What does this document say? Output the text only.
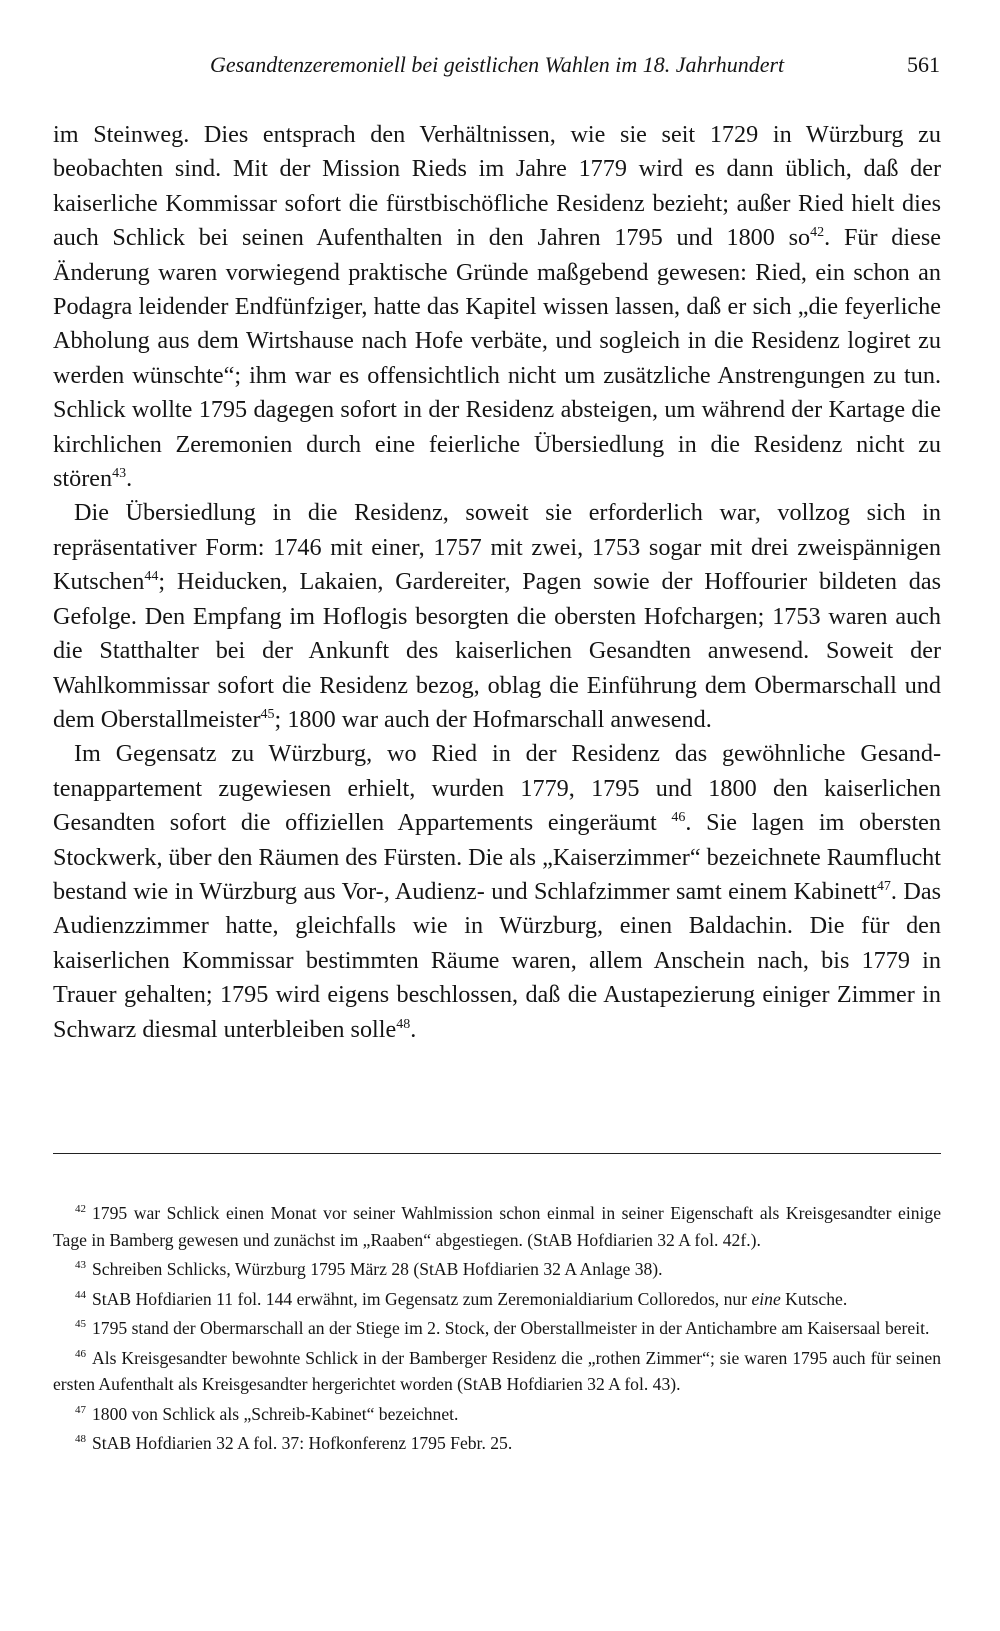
Gesandtenzeremoniell bei geistlichen Wahlen im 18. Jahrhundert	561

im Steinweg. Dies entsprach den Verhältnissen, wie sie seit 1729 in Würzburg zu beobachten sind. Mit der Mission Rieds im Jahre 1779 wird es dann üblich, daß der kaiserliche Kommissar sofort die fürstbischöfliche Residenz bezieht; außer Ried hielt dies auch Schlick bei seinen Aufenthalten in den Jahren 1795 und 1800 $so^{42}$. Für diese Änderung waren vorwiegend praktische Gründe maßgebend gewesen: Ried, ein schon an Podagra leidender Endfünfziger, hatte das Kapitel wissen lassen, daß er sich „die feyerliche Abholung aus dem Wirtshause nach Hofe verbäte, und sogleich in die Residenz logiret zu werden wünschte“; ihm war es offensichtlich nicht um zusätzliche Anstrengungen zu tun. Schlick wollte 1795 dagegen sofort in der Residenz absteigen, um während der Kartage die kirchlichen Zeremonien durch eine feierliche Übersiedlung in die Residenz nicht zu stören$^{43}$.

Die Übersiedlung in die Residenz, soweit sie erforderlich war, vollzog sich in repräsentativer Form: 1746 mit einer, 1757 mit zwei, 1753 sogar mit drei zweispännigen Kutschen$^{44}$; Heiducken, Lakaien, Gardereiter, Pagen sowie der Hoffourier bildeten das Gefolge. Den Empfang im Hoflogis besorgten die obersten Hofchargen; 1753 waren auch die Statthalter bei der Ankunft des kaiserlichen Gesandten anwesend. Soweit der Wahlkommissar sofort die Residenz bezog, oblag die Einführung dem Obermarschall und dem Oberstallmeister$^{45}$; 1800 war auch der Hofmarschall anwesend.

Im Gegensatz zu Würzburg, wo Ried in der Residenz das gewöhnliche Gesandtenappartement zugewiesen erhielt, wurden 1779, 1795 und 1800 den kaiserlichen Gesandten sofort die offiziellen Appartements eingeräumt $^{46}$. Sie lagen im obersten Stockwerk, über den Räumen des Fürsten. Die als „Kaiserzimmer“ bezeichnete Raumflucht bestand wie in Würzburg aus Vor-, Audienz- und Schlafzimmer samt einem Kabinett$^{47}$. Das Audienzzimmer hatte, gleichfalls wie in Würzburg, einen Baldachin. Die für den kaiserlichen Kommissar bestimmten Räume waren, allem Anschein nach, bis 1779 in Trauer gehalten; 1795 wird eigens beschlossen, daß die Austapezierung einiger Zimmer in Schwarz diesmal unterbleiben solle$^{48}$.

$^{42}$ 1795 war Schlick einen Monat vor seiner Wahlmission schon einmal in seiner Eigenschaft als Kreisgesandter einige Tage in Bamberg gewesen und zunächst im „Raaben“ abgestiegen. (StAB Hofdiarien 32 A fol. 42f.).

$^{43}$ Schreiben Schlicks, Würzburg 1795 März 28 (StAB Hofdiarien 32 A Anlage 38).

$^{44}$ StAB Hofdiarien 11 fol. 144 erwähnt, im Gegensatz zum Zeremonialdiarium Colloredos, nur eine Kutsche.

$^{45}$ 1795 stand der Obermarschall an der Stiege im 2. Stock, der Oberstallmeister in der Antichambre am Kaisersaal bereit.

$^{46}$ Als Kreisgesandter bewohnte Schlick in der Bamberger Residenz die „rothen Zimmer“; sie waren 1795 auch für seinen ersten Aufenthalt als Kreisgesandter hergerichtet worden (StAB Hofdiarien 32 A fol. 43).

$^{47}$ 1800 von Schlick als „Schreib-Kabinet“ bezeichnet.

$^{48}$ StAB Hofdiarien 32 A fol. 37: Hofkonferenz 1795 Febr. 25.
